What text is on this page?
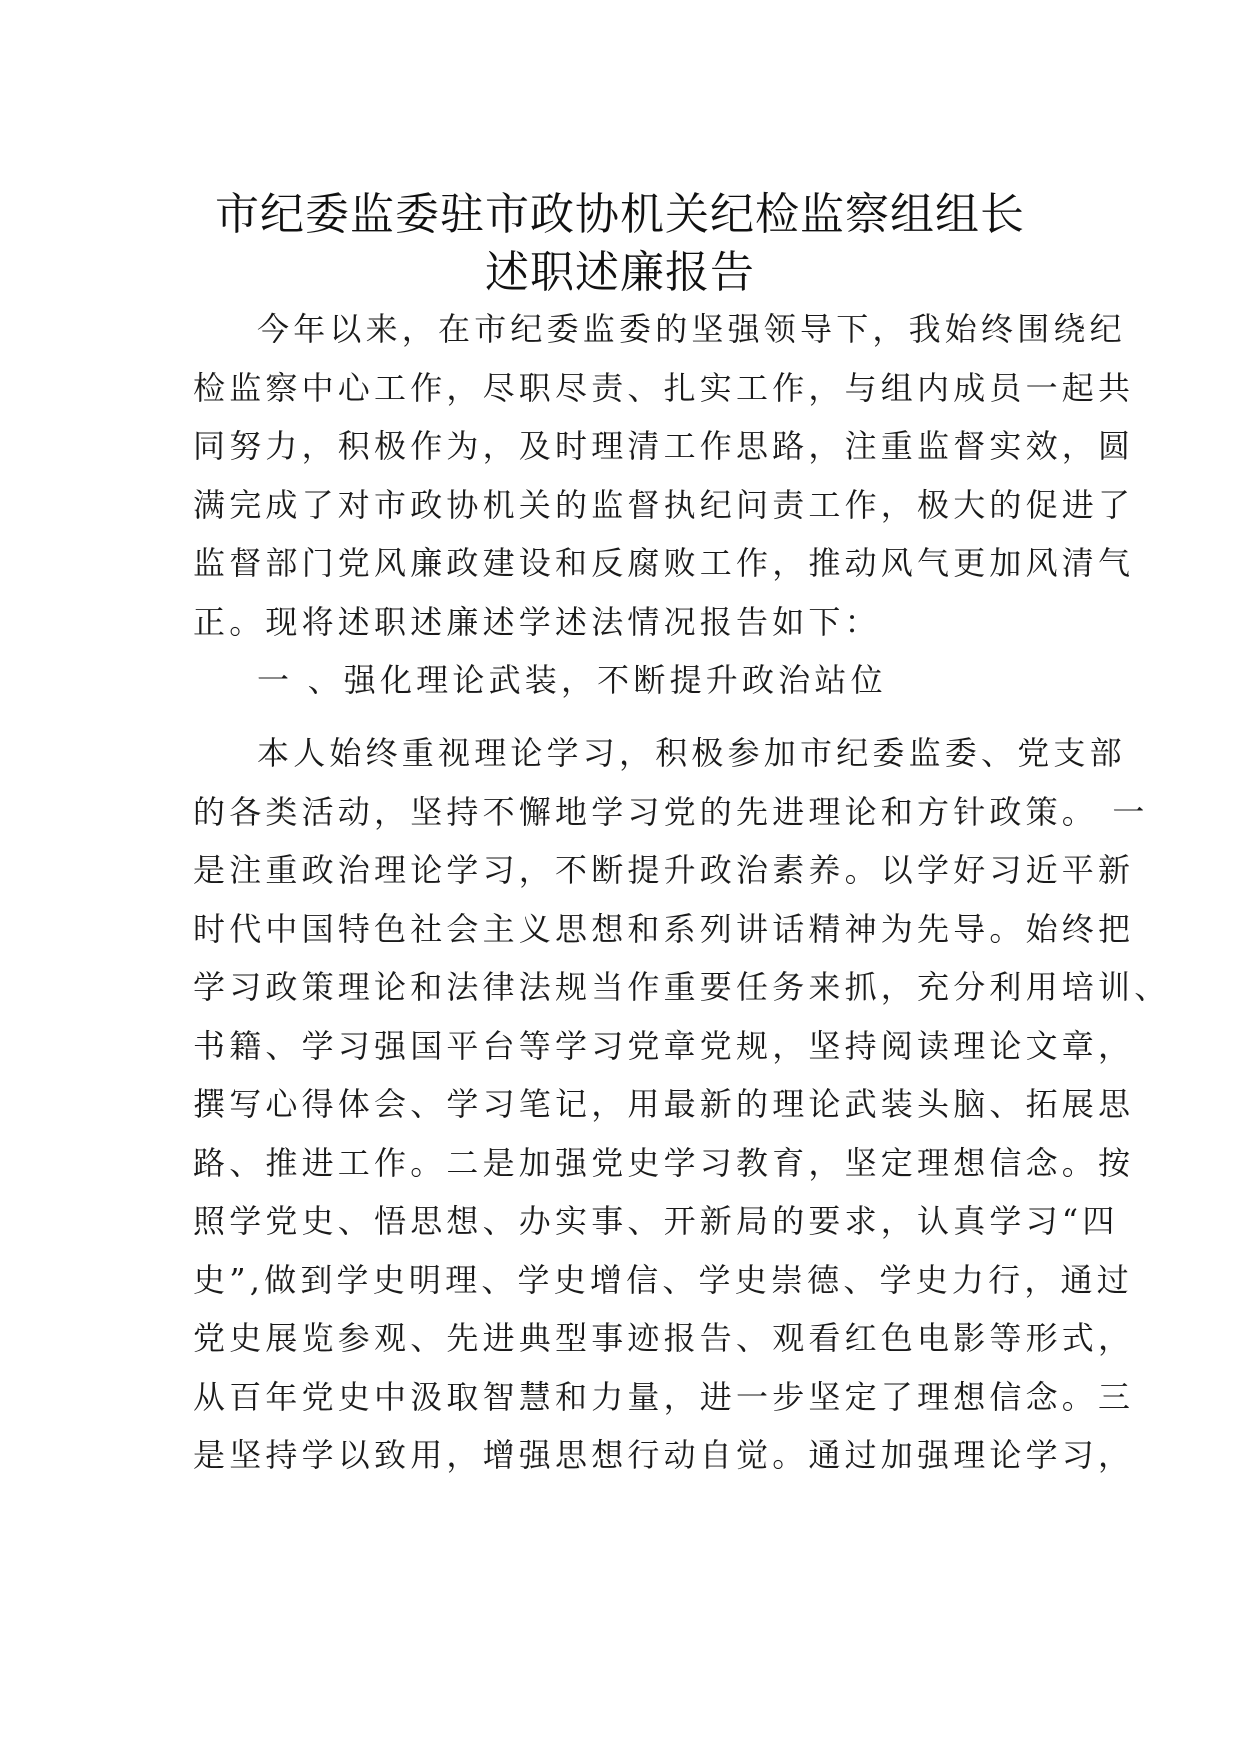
市纪委监委驻市政协机关纪检监察组组长
述职述廉报告
今年以来，在市纪委监委的坚强领导下，我始终围绕纪
检监察中心工作，尽职尽责、扎实工作，与组内成员一起共
同努力，积极作为，及时理清工作思路，注重监督实效，圆
满完成了对市政协机关的监督执纪问责工作，极大的促进了
监督部门党风廉政建设和反腐败工作，推动风气更加风清气
正。现将述职述廉述学述法情况报告如下：
一 、强化理论武装，不断提升政治站位
本人始终重视理论学习，积极参加市纪委监委、党支部
的各类活动，坚持不懈地学习党的先进理论和方针政策。 一
是注重政治理论学习，不断提升政治素养。以学好习近平新
时代中国特色社会主义思想和系列讲话精神为先导。始终把
学习政策理论和法律法规当作重要任务来抓，充分利用培训、
书籍、学习强国平台等学习党章党规，坚持阅读理论文章，
撰写心得体会、学习笔记，用最新的理论武装头脑、拓展思
路、推进工作。二是加强党史学习教育，坚定理想信念。按
照学党史、悟思想、办实事、开新局的要求，认真学习“四
史”,做到学史明理、学史增信、学史崇德、学史力行，通过
党史展览参观、先进典型事迹报告、观看红色电影等形式，
从百年党史中汲取智慧和力量，进一步坚定了理想信念。三
是坚持学以致用，增强思想行动自觉。通过加强理论学习，
